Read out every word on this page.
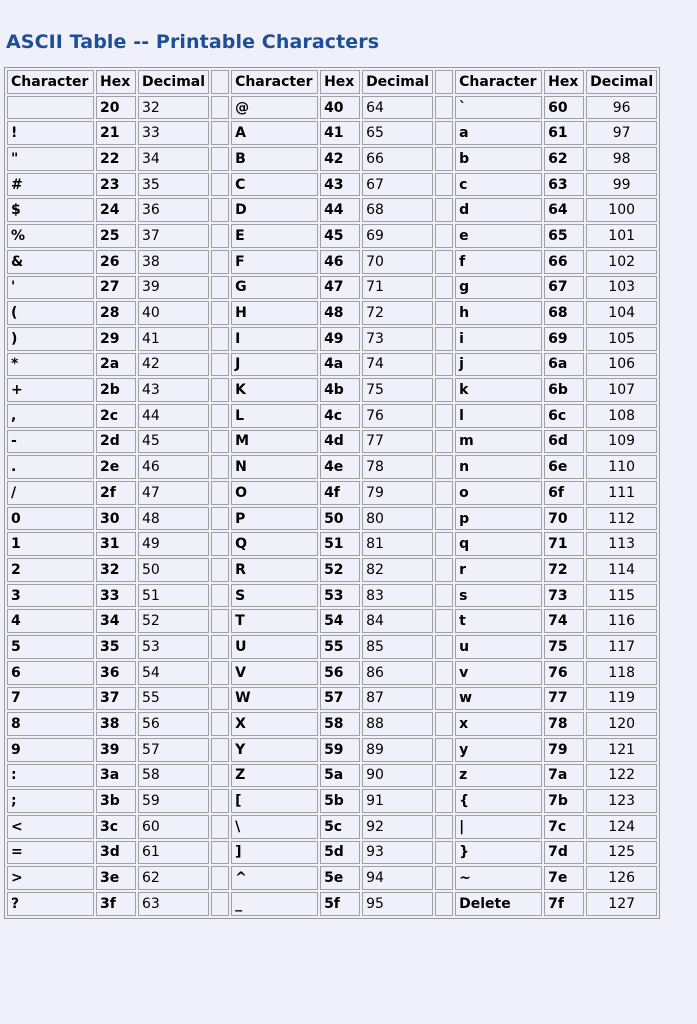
ASCII Table -- Printable Characters
Character	Hex	Decimal		Character	Hex	Decimal		Character	Hex	Decimal
	20	32		@	40	64		`	60	96
!	21	33		A	41	65		a	61	97
"	22	34		B	42	66		b	62	98
#	23	35		C	43	67		c	63	99
$	24	36		D	44	68		d	64	100
%	25	37		E	45	69		e	65	101
&	26	38		F	46	70		f	66	102
'	27	39		G	47	71		g	67	103
(	28	40		H	48	72		h	68	104
)	29	41		I	49	73		i	69	105
*	2a	42		J	4a	74		j	6a	106
+	2b	43		K	4b	75		k	6b	107
,	2c	44		L	4c	76		l	6c	108
-	2d	45		M	4d	77		m	6d	109
.	2e	46		N	4e	78		n	6e	110
/	2f	47		O	4f	79		o	6f	111
0	30	48		P	50	80		p	70	112
1	31	49		Q	51	81		q	71	113
2	32	50		R	52	82		r	72	114
3	33	51		S	53	83		s	73	115
4	34	52		T	54	84		t	74	116
5	35	53		U	55	85		u	75	117
6	36	54		V	56	86		v	76	118
7	37	55		W	57	87		w	77	119
8	38	56		X	58	88		x	78	120
9	39	57		Y	59	89		y	79	121
:	3a	58		Z	5a	90		z	7a	122
;	3b	59		[	5b	91		{	7b	123
<	3c	60		\	5c	92		|	7c	124
=	3d	61		]	5d	93		}	7d	125
>	3e	62		^	5e	94		~	7e	126
?	3f	63		_	5f	95		Delete	7f	127
